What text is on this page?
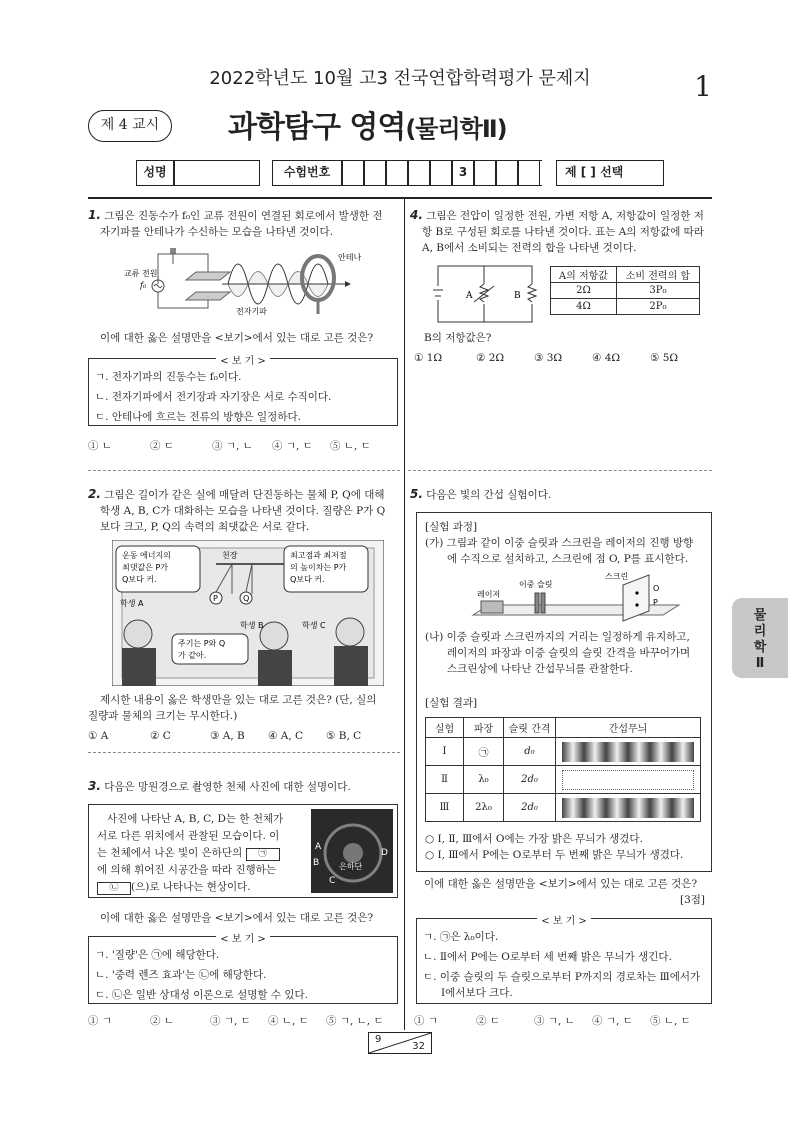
2022학년도 10월 고3 전국연합학력평가 문제지	1
제 4 교시	과학탐구 영역(물리학Ⅱ)
성명	수험번호	3	제 [ ] 선택
1. 그림은 진동수가 f₀인 교류 전원이 연결된 회로에서 발생한 전
자기파를 안테나가 수신하는 모습을 나타낸 것이다.
교류 전원
f₀
안테나
전자기파
이에 대한 옳은 설명만을 <보기>에서 있는 대로 고른 것은?
< 보 기 >
ㄱ. 전자기파의 진동수는 f₀이다.
ㄴ. 전자기파에서 전기장과 자기장은 서로 수직이다.
ㄷ. 안테나에 흐르는 전류의 방향은 일정하다.
① ㄴ	② ㄷ	③ ㄱ, ㄴ ④ ㄱ, ㄷ ⑤ ㄴ, ㄷ
2. 그림은 길이가 같은 실에 매달려 단진동하는 물체 P, Q에 대해
학생 A, B, C가 대화하는 모습을 나타낸 것이다. 질량은 P가 Q
보다 크고, P, Q의 속력의 최댓값은 서로 같다.
P	Q
천장
운동 에너지의
최댓값은 P가
Q보다 커.
최고점과 최저점
의 높이차는 P가
Q보다 커.
주기는 P와 Q
가 같아.
학생 A
학생 B	학생 C
제시한 내용이 옳은 학생만을 있는 대로 고른 것은? (단, 실의
질량과 물체의 크기는 무시한다.)
① A	② C	③ A, B ④ A, C ⑤ B, C
3. 다음은 망원경으로 촬영한 천체 사진에 대한 설명이다.
사진에 나타난 A, B, C, D는 한 천체가
서로 다른 위치에서 관찰된 모습이다. 이
는 천체에서 나온 빛이 은하단의 ㉠
에 의해 휘어진 시공간을 따라 진행하는
㉡ (으)로 나타나는 현상이다.
A
B
C
D
은하단
이에 대한 옳은 설명만을 <보기>에서 있는 대로 고른 것은?
< 보 기 >
ㄱ. '질량'은 ㉠에 해당한다.
ㄴ. '중력 렌즈 효과'는 ㉡에 해당한다.
ㄷ. ㉡은 일반 상대성 이론으로 설명할 수 있다.
① ㄱ	② ㄴ	③ ㄱ, ㄷ ④ ㄴ, ㄷ ⑤ ㄱ, ㄴ, ㄷ
4. 그림은 전압이 일정한 전원, 가변 저항 A, 저항값이 일정한 저
항 B로 구성된 회로를 나타낸 것이다. 표는 A의 저항값에 따라
A, B에서 소비되는 전력의 합을 나타낸 것이다.
A	B
A의 저항값	소비 전력의 합
2Ω	3P₀
4Ω	2P₀
B의 저항값은?
① 1Ω	② 2Ω	③ 3Ω	④ 4Ω	⑤ 5Ω
5. 다음은 빛의 간섭 실험이다.
[실험 과정]
(가) 그림과 같이 이중 슬릿과 스크린을 레이저의 진행 방향
에 수직으로 설치하고, 스크린에 점 O, P를 표시한다.
스크린
이중 슬릿
레이저
O
P
(나) 이중 슬릿과 스크린까지의 거리는 일정하게 유지하고,
레이저의 파장과 이중 슬릿의 슬릿 간격을 바꾸어가며
스크린상에 나타난 간섭무늬를 관찰한다.
[실험 결과]
실험	파장	슬릿 간격	간섭무늬
Ⅰ	㉠	d₀	

Ⅱ	λ₀	2d₀	

Ⅲ	2λ₀	2d₀	
○ Ⅰ, Ⅱ, Ⅲ에서 O에는 가장 밝은 무늬가 생겼다.
○ Ⅰ, Ⅲ에서 P에는 O로부터 두 번째 밝은 무늬가 생겼다.
이에 대한 옳은 설명만을 <보기>에서 있는 대로 고른 것은?
[3점]
< 보 기 >
ㄱ. ㉠은 λ₀이다.
ㄴ. Ⅱ에서 P에는 O로부터 세 번째 밝은 무늬가 생긴다.
ㄷ. 이중 슬릿의 두 슬릿으로부터 P까지의 경로차는 Ⅲ에서가
Ⅰ에서보다 크다.
① ㄱ	② ㄷ	③ ㄱ, ㄴ ④ ㄱ, ㄷ ⑤ ㄴ, ㄷ
물
리
학
Ⅱ
9
32
